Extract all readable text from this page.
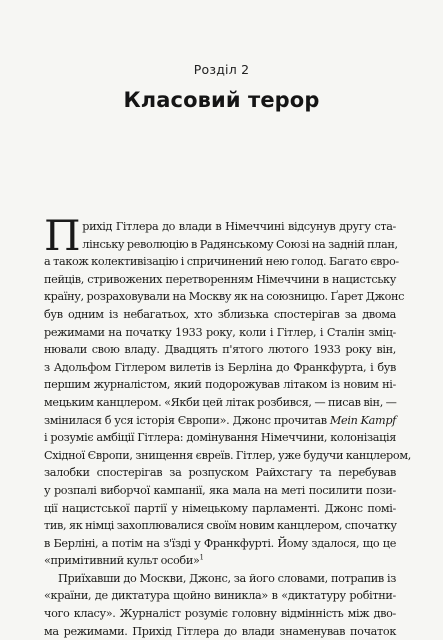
Розділ 2
Класовий терор
Прихід Гітлера до влади в Німеччині відсунув другу ста-
лінську революцію в Радянському Союзі на задній план,
а також колективізацію і спричинений нею голод. Багато євро-
пейців, стривожених перетворенням Німеччини в нацистську
країну, розраховували на Москву як на союзницю. Ґарет Джонс
був одним із небагатьох, хто зблизька спостерігав за двома
режимами на початку 1933 року, коли і Гітлер, і Сталін зміц-
нювали свою владу. Двадцять п'ятого лютого 1933 року він,
з Адольфом Гітлером вилетів із Берліна до Франкфурта, і був
першим журналістом, який подорожував літаком із новим ні-
мецьким канцлером. «Якби цей літак розбився, — писав він, —
змінилася б уся історія Європи». Джонс прочитав Mein Kampf
і розуміє амбіції Гітлера: домінування Німеччини, колонізація
Східної Європи, знищення євреїв. Гітлер, уже будучи канцлером,
залобки спостерігав за розпуском Райхстагу та перебував
у розпалі виборчої кампанії, яка мала на меті посилити пози-
ції нацистської партії у німецькому парламенті. Джонс помі-
тив, як німці захоплювалися своїм новим канцлером, спочатку
в Берліні, а потім на з'їзді у Франкфурті. Йому здалося, що це
«примітивний культ особи»$^1$
Приїхавши до Москви, Джонс, за його словами, потрапив із
«країни, де диктатура щойно виникла» в «диктатуру робітни-
чого класу». Журналіст розуміє головну відмінність між дво-
ма режимами. Прихід Гітлера до влади знаменував початок
